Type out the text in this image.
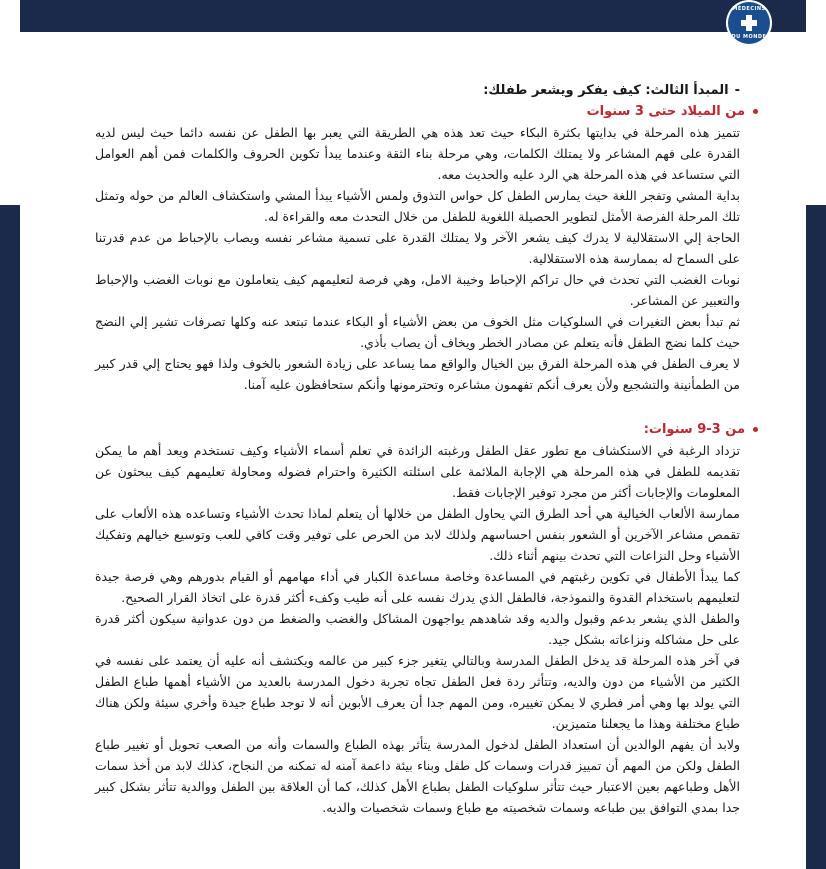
MÉDECINS
DU MONDE
-
المبدأ الثالث: كيف يفكر ويشعر طفلك:
من الميلاد حتى 3 سنوات

تتميز هذه المرحلة في بدايتها بكثرة البكاء حيث تعد هذه هي الطريقة التي يعبر بها الطفل عن نفسه دائما حيث ليس لديه القدرة على فهم المشاعر ولا يمتلك الكلمات، وهي مرحلة بناء الثقة وعندما يبدأ تكوين الحروف والكلمات فمن أهم العوامل التي ستساعد في هذه المرحلة هي الرد عليه والحديث معه.

بداية المشي وتفجر اللغة حيث يمارس الطفل كل حواس التذوق ولمس الأشياء يبدأ المشي واستكشاف العالم من حوله وتمثل تلك المرحلة الفرصة الأمثل لتطوير الحصيلة اللغوية للطفل من خلال التحدث معه والقراءة له.

الحاجة إلي الاستقلالية لا يدرك كيف يشعر الآخر ولا يمتلك القدرة على تسمية مشاعر نفسه ويصاب بالإحباط من عدم قدرتنا على السماح له بممارسة هذه الاستقلالية.

نوبات الغضب التي تحدث في حال تراكم الإحباط وخيبة الامل، وهي فرصة لتعليمهم كيف يتعاملون مع نوبات الغضب والإحباط والتعبير عن المشاعر.

ثم تبدأ بعض التغيرات في السلوكيات مثل الخوف من بعض الأشياء أو البكاء عندما تبتعد عنه وكلها تصرفات تشير إلي النضج حيث كلما نضج الطفل فأنه يتعلم عن مصادر الخطر ويخاف أن يصاب بأذي.

لا يعرف الطفل في هذه المرحلة الفرق بين الخيال والواقع مما يساعد على زيادة الشعور بالخوف ولذا فهو يحتاج إلي قدر كبير من الطمأنينة والتشجيع ولأن يعرف أنكم تفهمون مشاعره وتحترمونها وأنكم ستحافظون عليه آمنا.

من 3-9 سنوات:

تزداد الرغبة في الاستكشاف مع تطور عقل الطفل ورغبته الزائدة في تعلم أسماء الأشياء وكيف تستخدم ويعد أهم ما يمكن تقديمه للطفل في هذه المرحلة هي الإجابة الملائمة على اسئلته الكثيرة واحترام فضوله ومحاولة تعليمهم كيف يبحثون عن المعلومات والإجابات أكثر من مجرد توفير الإجابات فقط.

ممارسة الألعاب الخيالية هي أحد الطرق التي يحاول الطفل من خلالها أن يتعلم لماذا تحدث الأشياء وتساعده هذه الألعاب على تقمص مشاعر الآخرين أو الشعور بنفس احساسهم ولذلك لابد من الحرص على توفير وقت كافي للعب وتوسيع خيالهم وتفكيك الأشياء وحل النزاعات التي تحدث بينهم أثناء ذلك.

كما يبدأ الأطفال في تكوين رغبتهم في المساعدة وخاصة مساعدة الكبار في أداء مهامهم أو القيام بدورهم وهي فرصة جيدة لتعليمهم باستخدام القدوة والنموذجة، فالطفل الذي يدرك نفسه على أنه طيب وكفء أكثر قدرة على اتخاذ القرار الصحيح.

والطفل الذي يشعر بدعم وقبول والديه وقد شاهدهم يواجهون المشاكل والغضب والضغط من دون عدوانية سيكون أكثر قدرة على حل مشاكله ونزاعاته بشكل جيد.

في آخر هذه المرحلة قد يدخل الطفل المدرسة وبالتالي يتغير جزء كبير من عالمه ويكتشف أنه عليه أن يعتمد على نفسه في الكثير من الأشياء من دون والديه، وتتأثر ردة فعل الطفل تجاه تجربة دخول المدرسة بالعديد من الأشياء أهمها طباع الطفل التي يولد بها وهي أمر فطري لا يمكن تغييره، ومن المهم جدا أن يعرف الأبوين أنه لا توجد طباع جيدة وأخري سيئة ولكن هناك طباع مختلفة وهذا ما يجعلنا متميزين.

ولابد أن يفهم الوالدين أن استعداد الطفل لدخول المدرسة يتأثر بهذه الطباع والسمات وأنه من الصعب تحويل أو تغيير طباع الطفل ولكن من المهم أن تمييز قدرات وسمات كل طفل وبناء بيئة داعمة آمنه له تمكنه من النجاح، كذلك لابد من أخذ سمات الأهل وطباعهم بعين الاعتبار حيث تتأثر سلوكيات الطفل بطباع الأهل كذلك، كما أن العلاقة بين الطفل ووالدية تتأثر بشكل كبير جدا بمدي التوافق بين طباعه وسمات شخصيته مع طباع وسمات شخصيات والديه.
